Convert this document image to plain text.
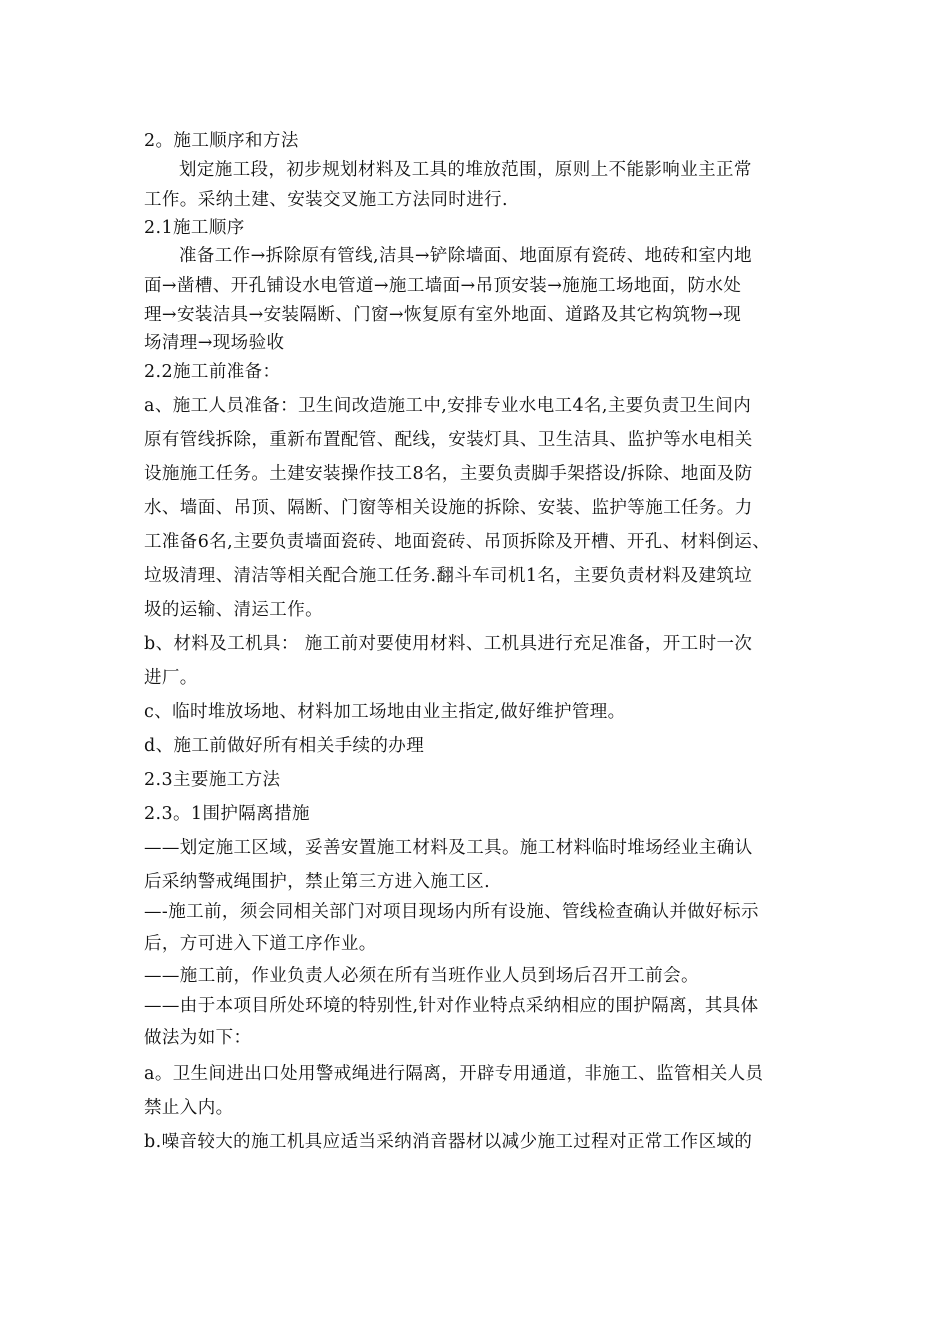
2。施工顺序和方法
划定施工段，初步规划材料及工具的堆放范围，原则上不能影响业主正常
工作。采纳土建、安装交叉施工方法同时进行.
2.1施工顺序
准备工作→拆除原有管线,洁具→铲除墙面、地面原有瓷砖、地砖和室内地
面→凿槽、开孔铺设水电管道→施工墙面→吊顶安装→施施工场地面，防水处
理→安装洁具→安装隔断、门窗→恢复原有室外地面、道路及其它构筑物→现
场清理→现场验收
2.2施工前准备：
a、施工人员准备：卫生间改造施工中,安排专业水电工4名,主要负责卫生间内
原有管线拆除，重新布置配管、配线，安装灯具、卫生洁具、监护等水电相关
设施施工任务。土建安装操作技工8名，主要负责脚手架搭设/拆除、地面及防
水、墙面、吊顶、隔断、门窗等相关设施的拆除、安装、监护等施工任务。力
工准备6名,主要负责墙面瓷砖、地面瓷砖、吊顶拆除及开槽、开孔、材料倒运、
垃圾清理、清洁等相关配合施工任务.翻斗车司机1名，主要负责材料及建筑垃
圾的运输、清运工作。
b、材料及工机具： 施工前对要使用材料、工机具进行充足准备，开工时一次
进厂。
c、临时堆放场地、材料加工场地由业主指定,做好维护管理。
d、施工前做好所有相关手续的办理
2.3主要施工方法
2.3。1围护隔离措施
——划定施工区域，妥善安置施工材料及工具。施工材料临时堆场经业主确认
后采纳警戒绳围护，禁止第三方进入施工区.
—-施工前，须会同相关部门对项目现场内所有设施、管线检查确认并做好标示
后，方可进入下道工序作业。
——施工前，作业负责人必须在所有当班作业人员到场后召开工前会。
——由于本项目所处环境的特别性,针对作业特点采纳相应的围护隔离，其具体
做法为如下：
a。卫生间进出口处用警戒绳进行隔离，开辟专用通道，非施工、监管相关人员
禁止入内。
b.噪音较大的施工机具应适当采纳消音器材以减少施工过程对正常工作区域的
